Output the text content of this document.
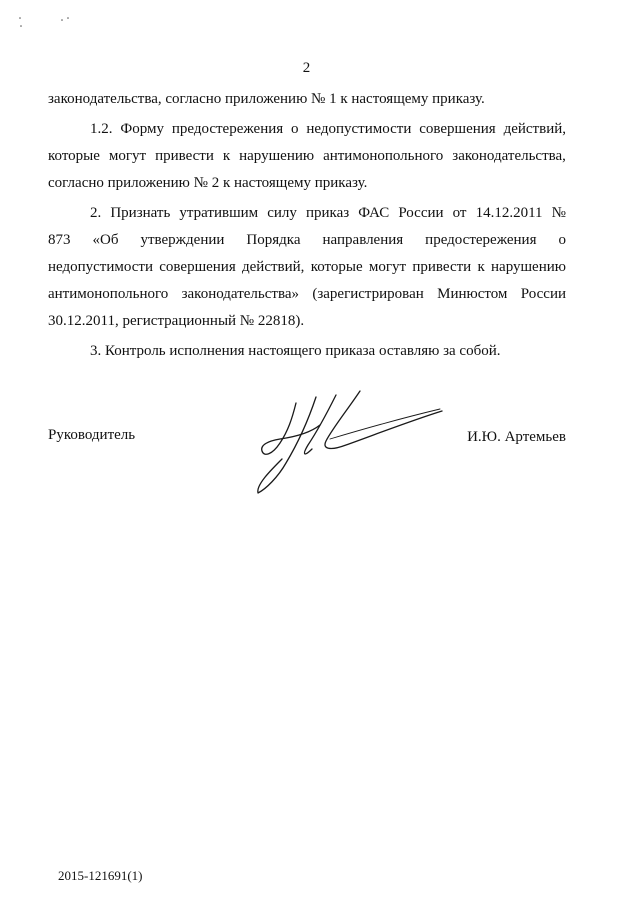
2
законодательства, согласно приложению № 1 к настоящему приказу.
1.2. Форму предостережения о недопустимости совершения действий,
которые могут привести к нарушению антимонопольного законодательства,
согласно приложению № 2 к настоящему приказу.
2. Признать утратившим силу приказ ФАС России от 14.12.2011 №
873 «Об утверждении Порядка направления предостережения о
недопустимости совершения действий, которые могут привести к нарушению
антимонопольного законодательства» (зарегистрирован Минюстом России
30.12.2011, регистрационный № 22818).
3. Контроль исполнения настоящего приказа оставляю за собой.
Руководитель	И.Ю. Артемьев
2015-121691(1)
